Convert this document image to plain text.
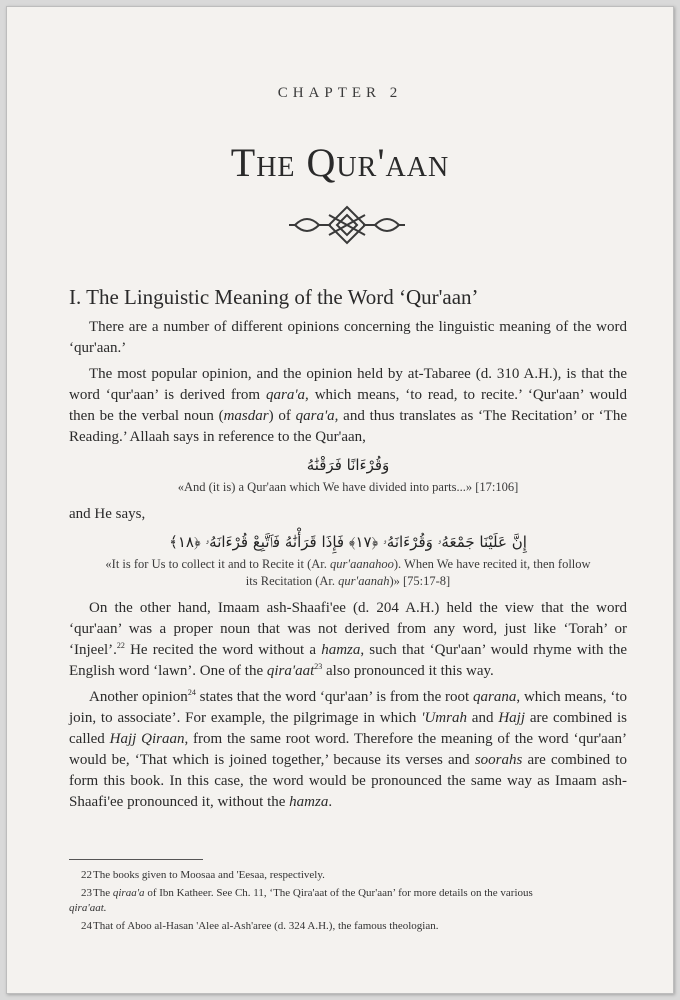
CHAPTER 2
The Qur'aan
I. The Linguistic Meaning of the Word ‘Qur'aan’

There are a number of different opinions concerning the linguistic meaning of the word ‘qur'aan.’

The most popular opinion, and the opinion held by at-Tabaree (d. 310 A.H.), is that the word ‘qur'aan’ is derived from qara'a, which means, ‘to read, to recite.’ ‘Qur'aan’ would then be the verbal noun (masdar) of qara'a, and thus translates as ‘The Recitation’ or ‘The Reading.’ Allaah says in reference to the Qur'aan,

وَقُرْءَانًا فَرَقْنَٰهُ
«And (it is) a Qur'aan which We have divided into parts...» [17:106]

and He says,

إِنَّ عَلَيْنَا جَمْعَهُۥ وَقُرْءَانَهُۥ ﴿١٧﴾ فَإِذَا قَرَأْنَٰهُ فَٱتَّبِعْ قُرْءَانَهُۥ ﴿١٨﴾
«It is for Us to collect it and to Recite it (Ar. qur'aanahoo). When We have recited it, then follow its Recitation (Ar. qur'aanah)» [75:17-8]

On the other hand, Imaam ash-Shaafi'ee (d. 204 A.H.) held the view that the word ‘qur'aan’ was a proper noun that was not derived from any word, just like ‘Torah’ or ‘Injeel’.$^{22}$ He recited the word without a hamza, such that ‘Qur'aan’ would rhyme with the English word ‘lawn’. One of the qira'aat$^{23}$ also pronounced it this way.

Another opinion$^{24}$ states that the word ‘qur'aan’ is from the root qarana, which means, ‘to join, to associate’. For example, the pilgrimage in which 'Umrah and Hajj are combined is called Hajj Qiraan, from the same root word. Therefore the meaning of the word ‘qur'aan’ would be, ‘That which is joined together,’ because its verses and soorahs are combined to form this book. In this case, the word would be pronounced the same way as Imaam ash-Shaafi'ee pronounced it, without the hamza.

22The books given to Moosaa and 'Eesaa, respectively.

23The qiraa'a of Ibn Katheer. See Ch. 11, ‘The Qira'aat of the Qur'aan’ for more details on the various
qira'aat.

24That of Aboo al-Hasan 'Alee al-Ash'aree (d. 324 A.H.), the famous theologian.
